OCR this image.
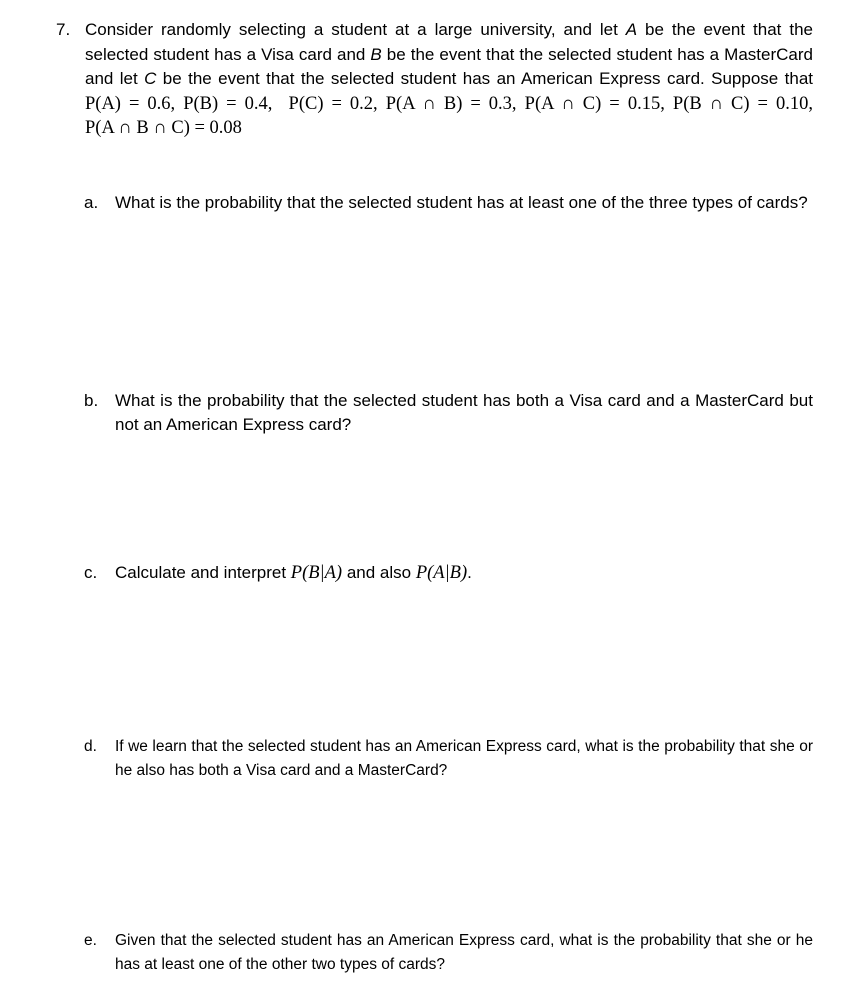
7. Consider randomly selecting a student at a large university, and let A be the event that the selected student has a Visa card and B be the event that the selected student has a MasterCard and let C be the event that the selected student has an American Express card. Suppose that P(A) = 0.6, P(B) = 0.4, P(C) = 0.2, P(A ∩ B) = 0.3, P(A ∩ C) = 0.15, P(B ∩ C) = 0.10, P(A ∩ B ∩ C) = 0.08
a. What is the probability that the selected student has at least one of the three types of cards?
b. What is the probability that the selected student has both a Visa card and a MasterCard but not an American Express card?
c. Calculate and interpret P(B|A) and also P(A|B).
d. If we learn that the selected student has an American Express card, what is the probability that she or he also has both a Visa card and a MasterCard?
e. Given that the selected student has an American Express card, what is the probability that she or he has at least one of the other two types of cards?
